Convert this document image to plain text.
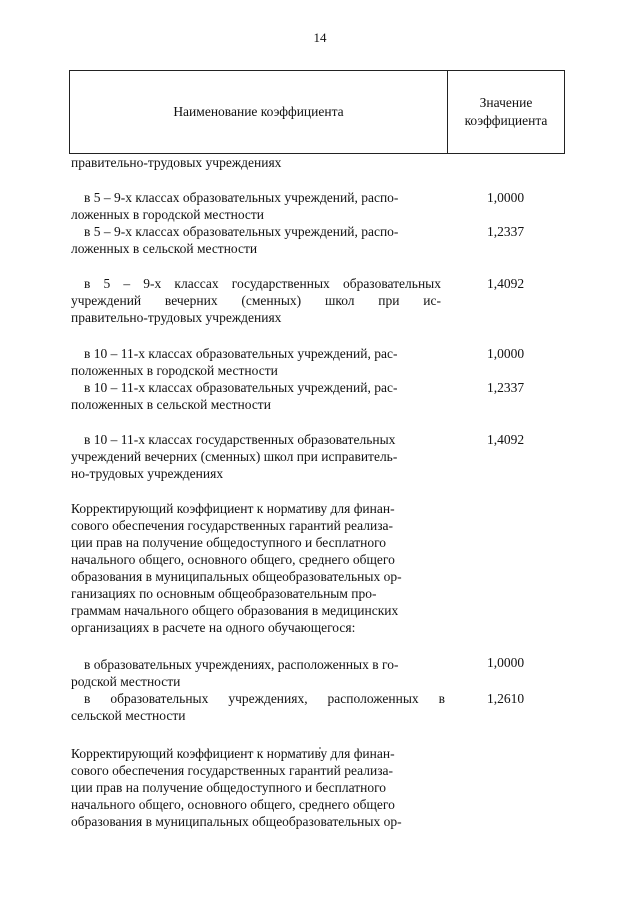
14
Наименование коэффициента
Значение
коэффициента
правительно-трудовых учреждениях
в 5 – 9-х классах образовательных учреждений, распо-
ложенных в городской местности
1,0000
в 5 – 9-х классах образовательных учреждений, распо-
ложенных в сельской местности
1,2337
в 5 – 9-х классах государственных образовательных
учреждений вечерних (сменных) школ при ис-
правительно-трудовых учреждениях
1,4092
в 10 – 11-х классах образовательных учреждений, рас-
положенных в городской местности
1,0000
в 10 – 11-х классах образовательных учреждений, рас-
положенных в сельской местности
1,2337
в 10 – 11-х классах государственных образовательных
учреждений вечерних (сменных) школ при исправитель-
но-трудовых учреждениях
1,4092
Корректирующий коэффициент к нормативу для финан-
сового обеспечения государственных гарантий реализа-
ции прав на получение общедоступного и бесплатного
начального общего, основного общего, среднего общего
образования в муниципальных общеобразовательных ор-
ганизациях по основным общеобразовательным про-
граммам начального общего образования в медицинских
организациях в расчете на одного обучающегося:
в образовательных учреждениях, расположенных в го-
родской местности
1,0000
в образовательных учреждениях, расположенных в
сельской местности
1,2610
Корректирующий коэффициент к нормативу для финан-
сового обеспечения государственных гарантий реализа-
ции прав на получение общедоступного и бесплатного
начального общего, основного общего, среднего общего
образования в муниципальных общеобразовательных ор-
